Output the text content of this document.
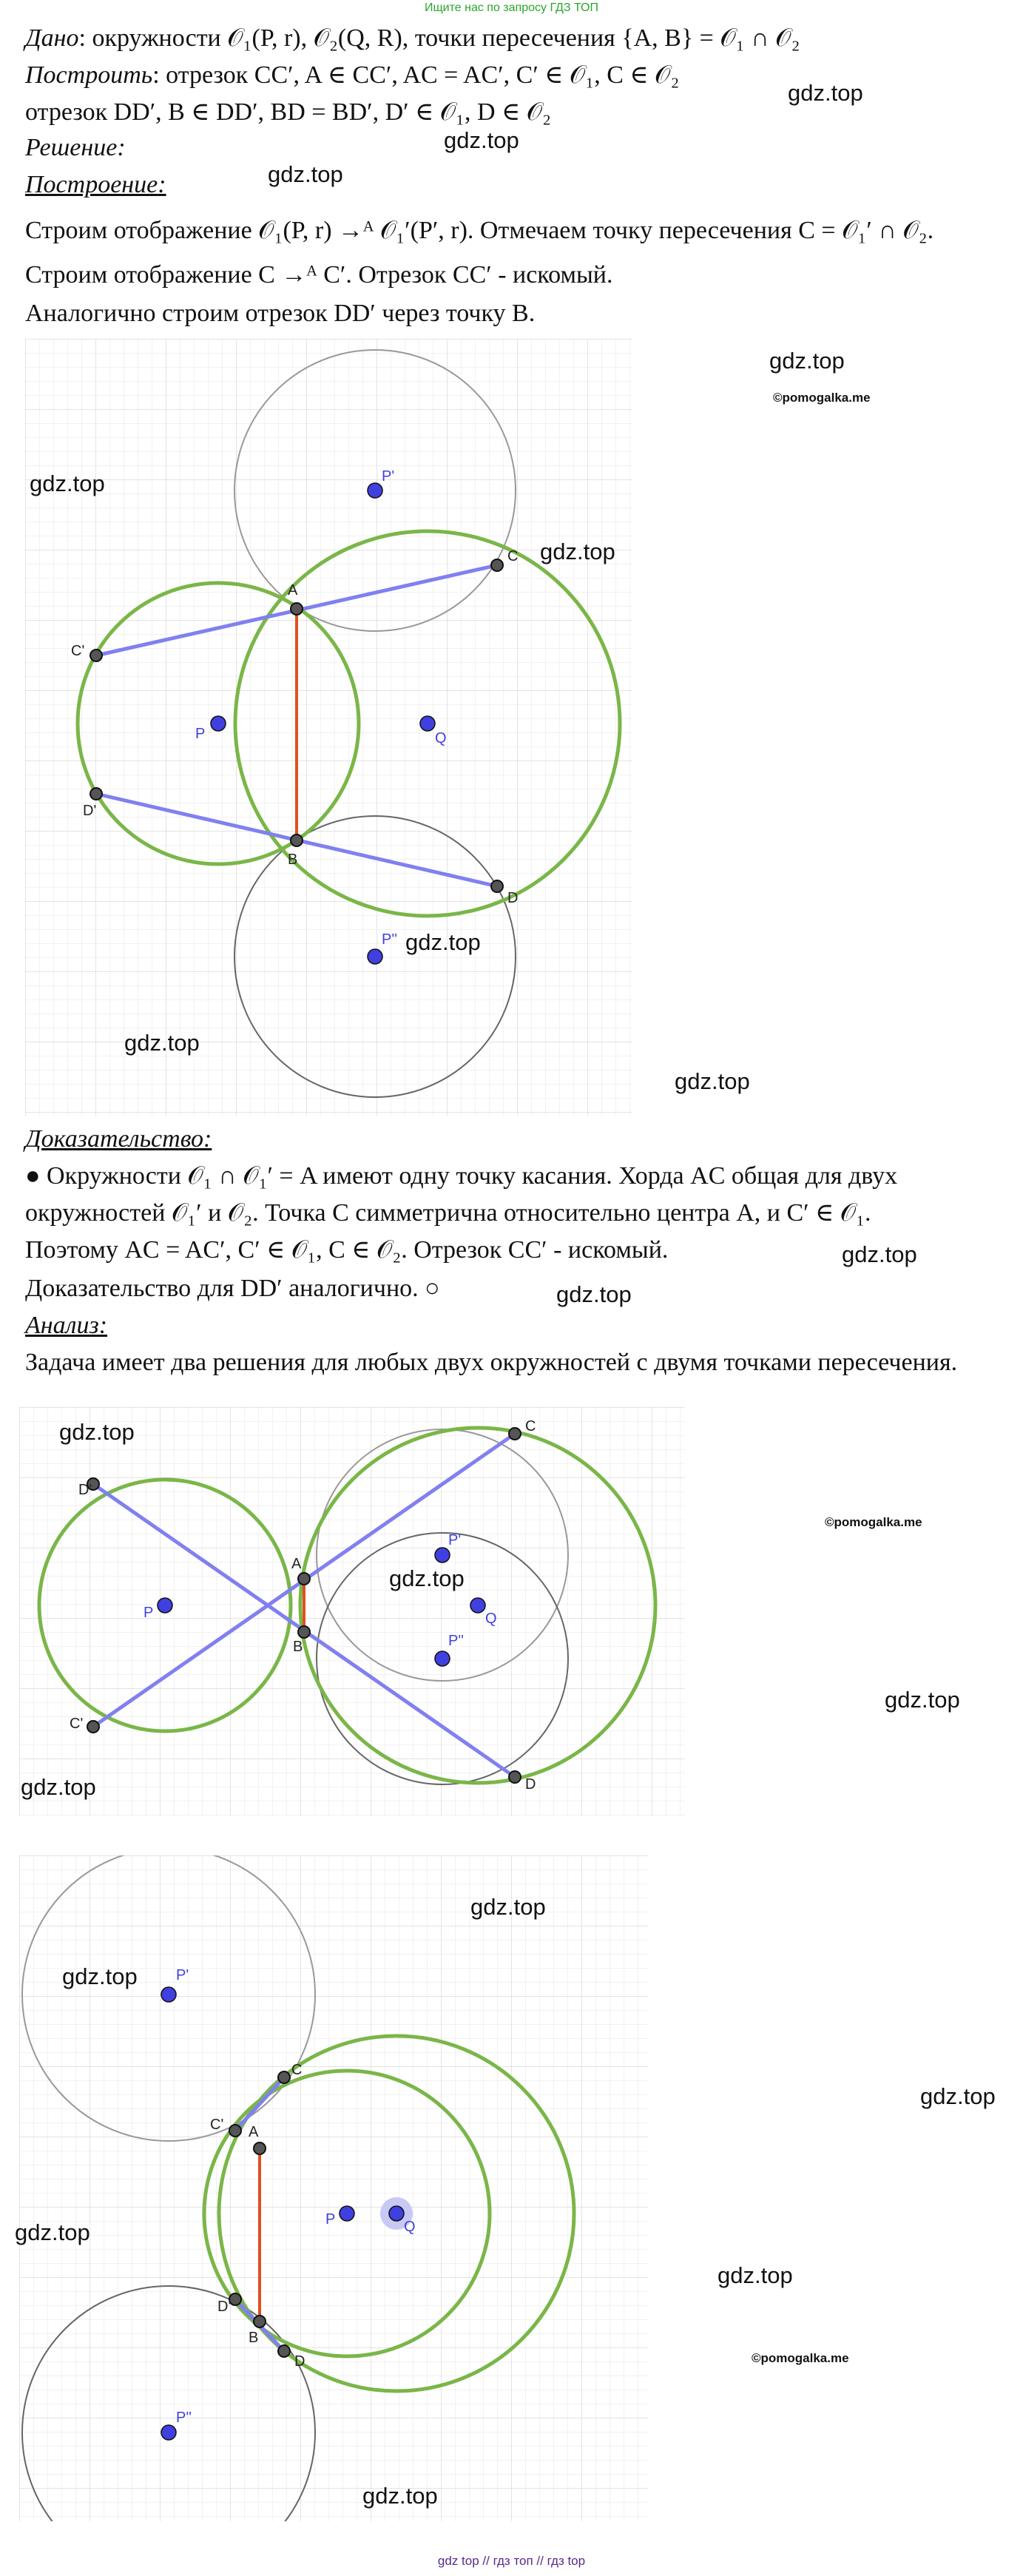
Ищите нас по запросу ГДЗ ТОП
Дано: окружности 𝒪₁(P, r), 𝒪₂(Q, R), точки пересечения {A, B} = 𝒪₁ ∩ 𝒪₂
Построить: отрезок CC′, A ∈ CC′, AC = AC′, C′ ∈ 𝒪₁, C ∈ 𝒪₂
отрезок DD′, B ∈ DD′, BD = BD′, D′ ∈ 𝒪₁, D ∈ 𝒪₂
Решение:
Построение:
Строим отображение 𝒪₁(P, r) →ᴬ 𝒪₁′(P′, r). Отмечаем точку пересечения C = 𝒪₁′ ∩ 𝒪₂.
Строим отображение C →ᴬ C′. Отрезок CC′ - искомый.
Аналогично строим отрезок DD′ через точку B.
gdz.top
gdz.top
gdz.top
A
B
C
D
C'
D'
P	Q
P'
P''
gdz.top
©pomogalka.me
gdz.top
gdz.top
gdz.top
gdz.top
gdz.top
Доказательство:
● Окружности 𝒪₁ ∩ 𝒪₁′ = A имеют одну точку касания. Хорда AC общая для двух
окружностей 𝒪₁′ и 𝒪₂. Точка C симметрична относительно центра A, и C′ ∈ 𝒪₁.
Поэтому AC = AC′, C′ ∈ 𝒪₁, C ∈ 𝒪₂. Отрезок CC′ - искомый.
Доказательство для DD′ аналогично. ○
gdz.top
gdz.top
Анализ:
Задача имеет два решения для любых двух окружностей с двумя точками пересечения.
A
B
C
D
C'
D'
P	Q
P'
P''
gdz.top
gdz.top
©pomogalka.me
gdz.top
gdz.top
A
B
C
D
C'
D'
P	Q
P'
P''
gdz.top
gdz.top
gdz.top
gdz.top
gdz.top
©pomogalka.me
gdz.top
gdz top // гдз топ // гдз top
